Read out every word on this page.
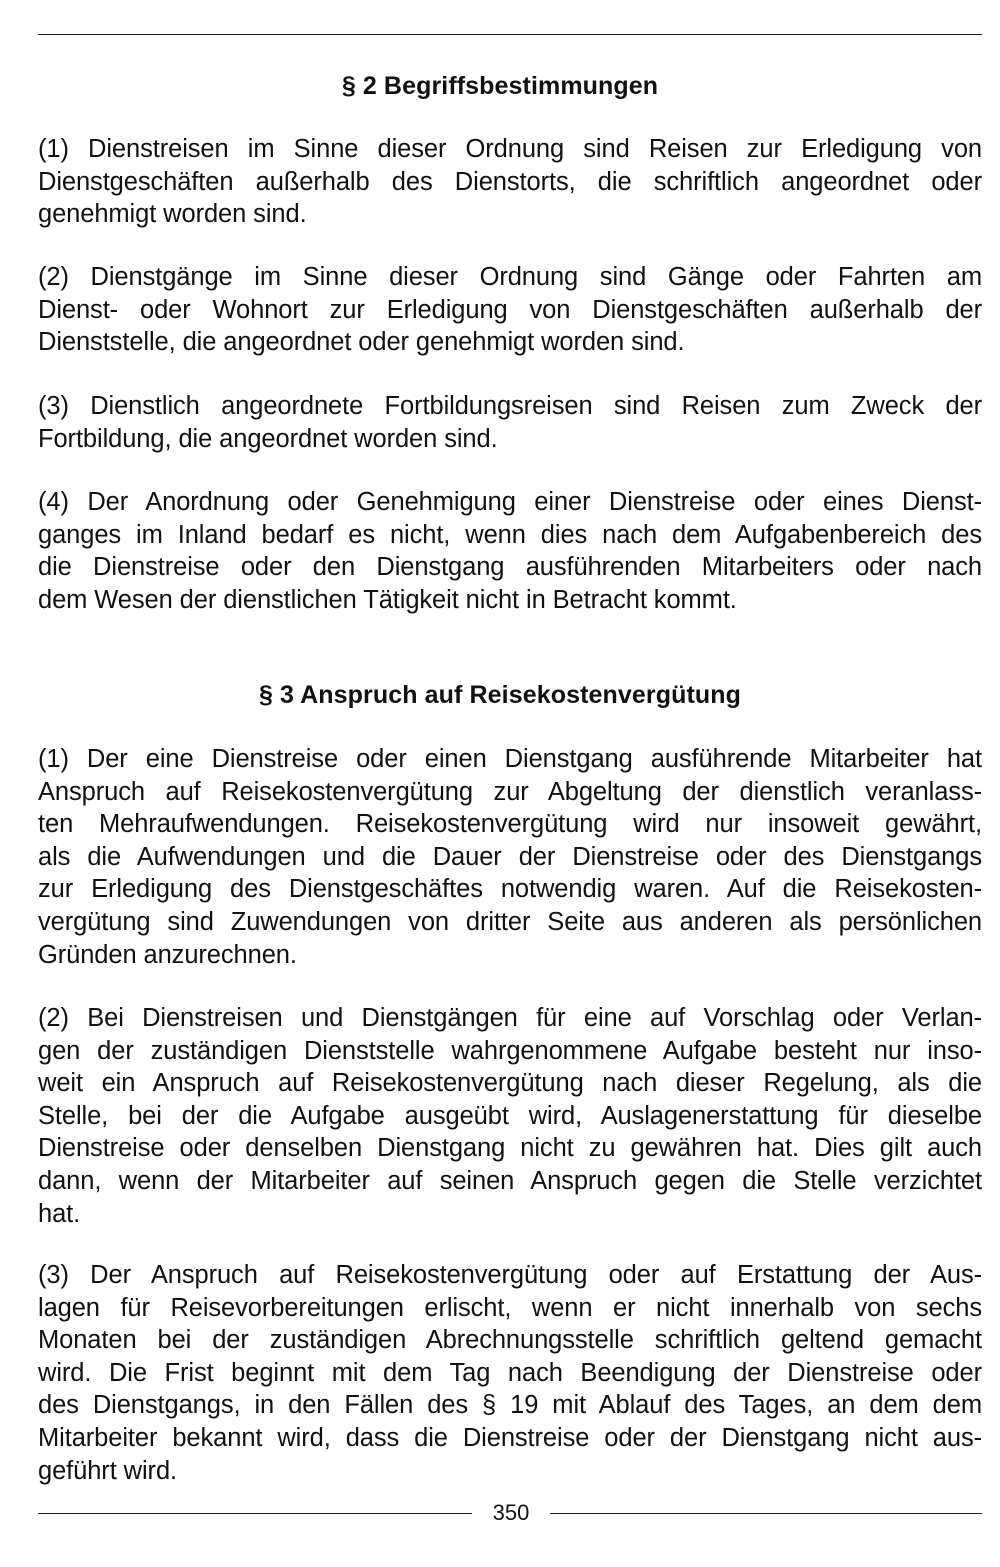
§ 2 Begriffsbestimmungen
(1) Dienstreisen im Sinne dieser Ordnung sind Reisen zur Erledigung von
Dienstgeschäften außerhalb des Dienstorts, die schriftlich angeordnet oder
genehmigt worden sind.
(2) Dienstgänge im Sinne dieser Ordnung sind Gänge oder Fahrten am
Dienst- oder Wohnort zur Erledigung von Dienstgeschäften außerhalb der
Dienststelle, die angeordnet oder genehmigt worden sind.
(3) Dienstlich angeordnete Fortbildungsreisen sind Reisen zum Zweck der
Fortbildung, die angeordnet worden sind.
(4) Der Anordnung oder Genehmigung einer Dienstreise oder eines Dienst-
ganges im Inland bedarf es nicht, wenn dies nach dem Aufgabenbereich des
die Dienstreise oder den Dienstgang ausführenden Mitarbeiters oder nach
dem Wesen der dienstlichen Tätigkeit nicht in Betracht kommt.
§ 3 Anspruch auf Reisekostenvergütung
(1) Der eine Dienstreise oder einen Dienstgang ausführende Mitarbeiter hat
Anspruch auf Reisekostenvergütung zur Abgeltung der dienstlich veranlass-
ten Mehraufwendungen. Reisekostenvergütung wird nur insoweit gewährt,
als die Aufwendungen und die Dauer der Dienstreise oder des Dienstgangs
zur Erledigung des Dienstgeschäftes notwendig waren. Auf die Reisekosten-
vergütung sind Zuwendungen von dritter Seite aus anderen als persönlichen
Gründen anzurechnen.
(2) Bei Dienstreisen und Dienstgängen für eine auf Vorschlag oder Verlan-
gen der zuständigen Dienststelle wahrgenommene Aufgabe besteht nur inso-
weit ein Anspruch auf Reisekostenvergütung nach dieser Regelung, als die
Stelle, bei der die Aufgabe ausgeübt wird, Auslagenerstattung für dieselbe
Dienstreise oder denselben Dienstgang nicht zu gewähren hat. Dies gilt auch
dann, wenn der Mitarbeiter auf seinen Anspruch gegen die Stelle verzichtet
hat.
(3) Der Anspruch auf Reisekostenvergütung oder auf Erstattung der Aus-
lagen für Reisevorbereitungen erlischt, wenn er nicht innerhalb von sechs
Monaten bei der zuständigen Abrechnungsstelle schriftlich geltend gemacht
wird. Die Frist beginnt mit dem Tag nach Beendigung der Dienstreise oder
des Dienstgangs, in den Fällen des § 19 mit Ablauf des Tages, an dem dem
Mitarbeiter bekannt wird, dass die Dienstreise oder der Dienstgang nicht aus-
geführt wird.
350
